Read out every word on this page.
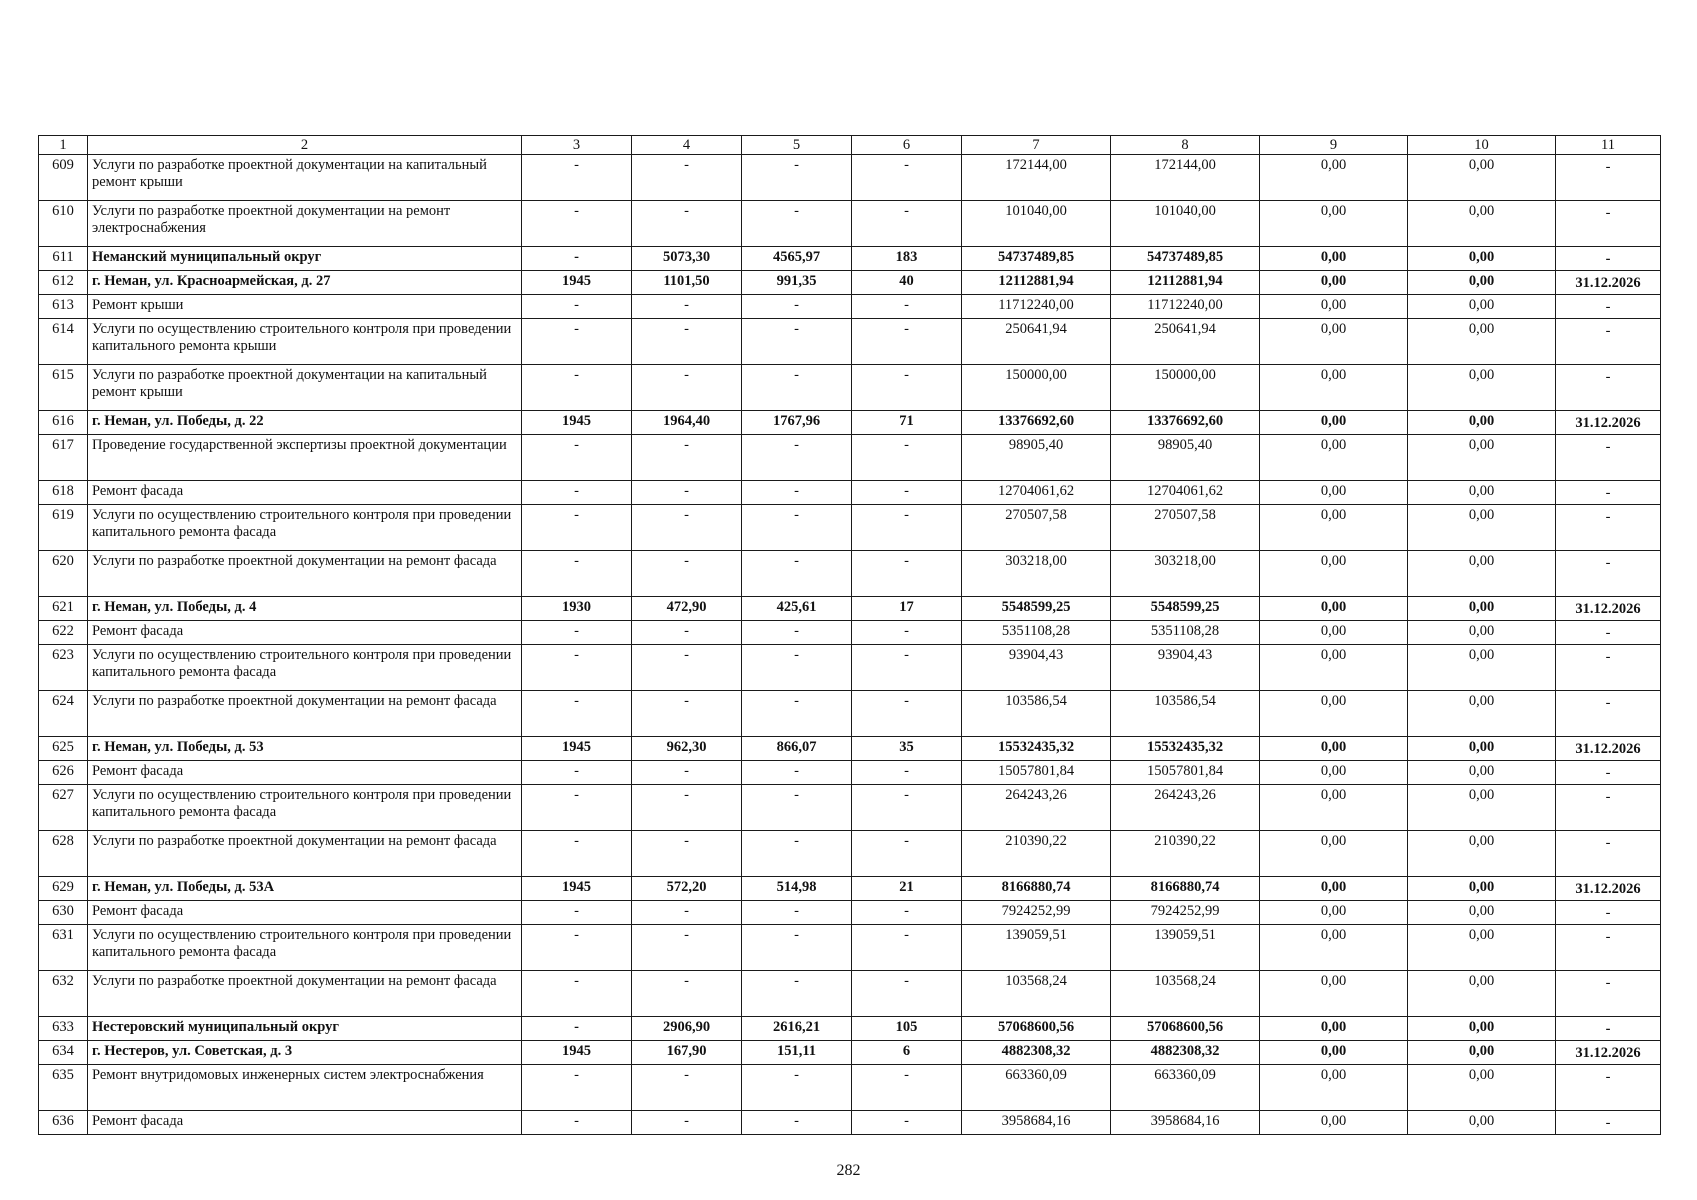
1	2	3	4	5	6	7	8	9	10	11
609	Услуги по разработке проектной документации на капитальный ремонт крыши	-	-	-	-	172144,00	172144,00	0,00	0,00	-
610	Услуги по разработке проектной документации на ремонт электроснабжения	-	-	-	-	101040,00	101040,00	0,00	0,00	-
611	Неманский муниципальный округ	-	5073,30	4565,97	183	54737489,85	54737489,85	0,00	0,00	-
612	г. Неман, ул. Красноармейская, д. 27	1945	1101,50	991,35	40	12112881,94	12112881,94	0,00	0,00	31.12.2026
613	Ремонт крыши	-	-	-	-	11712240,00	11712240,00	0,00	0,00	-
614	Услуги по осуществлению строительного контроля при проведении капитального ремонта крыши	-	-	-	-	250641,94	250641,94	0,00	0,00	-
615	Услуги по разработке проектной документации на капитальный ремонт крыши	-	-	-	-	150000,00	150000,00	0,00	0,00	-
616	г. Неман, ул. Победы, д. 22	1945	1964,40	1767,96	71	13376692,60	13376692,60	0,00	0,00	31.12.2026
617	Проведение государственной экспертизы проектной документации	-	-	-	-	98905,40	98905,40	0,00	0,00	-
618	Ремонт фасада	-	-	-	-	12704061,62	12704061,62	0,00	0,00	-
619	Услуги по осуществлению строительного контроля при проведении капитального ремонта фасада	-	-	-	-	270507,58	270507,58	0,00	0,00	-
620	Услуги по разработке проектной документации на ремонт фасада	-	-	-	-	303218,00	303218,00	0,00	0,00	-
621	г. Неман, ул. Победы, д. 4	1930	472,90	425,61	17	5548599,25	5548599,25	0,00	0,00	31.12.2026
622	Ремонт фасада	-	-	-	-	5351108,28	5351108,28	0,00	0,00	-
623	Услуги по осуществлению строительного контроля при проведении капитального ремонта фасада	-	-	-	-	93904,43	93904,43	0,00	0,00	-
624	Услуги по разработке проектной документации на ремонт фасада	-	-	-	-	103586,54	103586,54	0,00	0,00	-
625	г. Неман, ул. Победы, д. 53	1945	962,30	866,07	35	15532435,32	15532435,32	0,00	0,00	31.12.2026
626	Ремонт фасада	-	-	-	-	15057801,84	15057801,84	0,00	0,00	-
627	Услуги по осуществлению строительного контроля при проведении капитального ремонта фасада	-	-	-	-	264243,26	264243,26	0,00	0,00	-
628	Услуги по разработке проектной документации на ремонт фасада	-	-	-	-	210390,22	210390,22	0,00	0,00	-
629	г. Неман, ул. Победы, д. 53А	1945	572,20	514,98	21	8166880,74	8166880,74	0,00	0,00	31.12.2026
630	Ремонт фасада	-	-	-	-	7924252,99	7924252,99	0,00	0,00	-
631	Услуги по осуществлению строительного контроля при проведении капитального ремонта фасада	-	-	-	-	139059,51	139059,51	0,00	0,00	-
632	Услуги по разработке проектной документации на ремонт фасада	-	-	-	-	103568,24	103568,24	0,00	0,00	-
633	Нестеровский муниципальный округ	-	2906,90	2616,21	105	57068600,56	57068600,56	0,00	0,00	-
634	г. Нестеров, ул. Советская, д. 3	1945	167,90	151,11	6	4882308,32	4882308,32	0,00	0,00	31.12.2026
635	Ремонт внутридомовых инженерных систем электроснабжения	-	-	-	-	663360,09	663360,09	0,00	0,00	-
636	Ремонт фасада	-	-	-	-	3958684,16	3958684,16	0,00	0,00	-
282
